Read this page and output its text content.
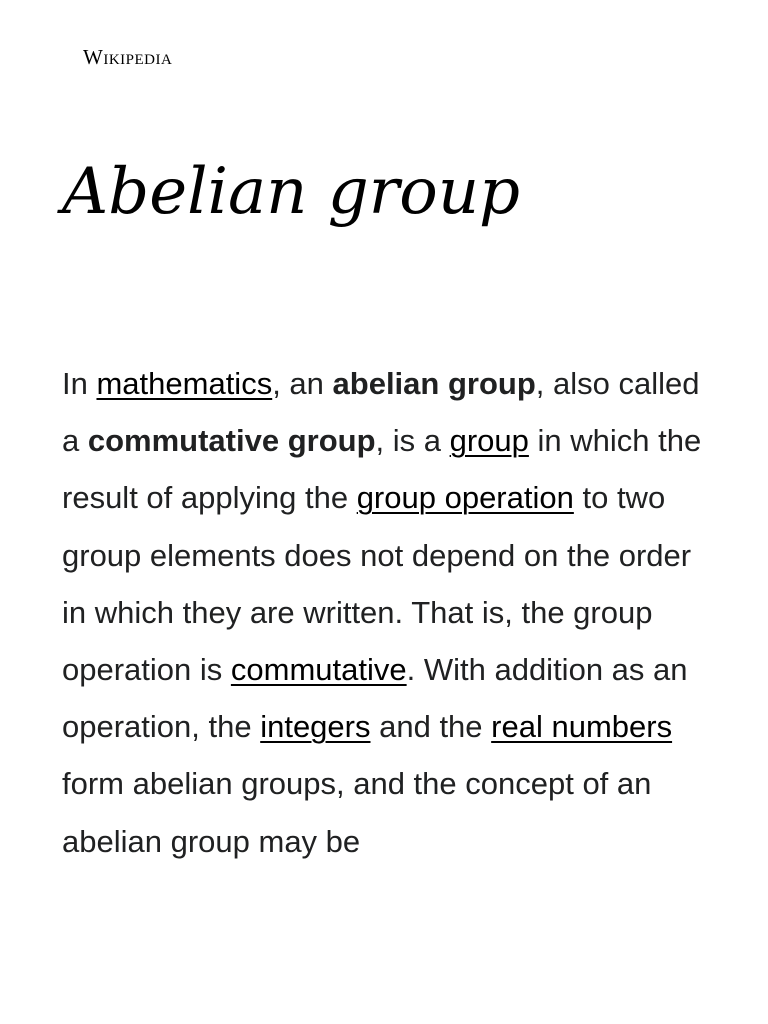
Wikipedia
Abelian group

In mathematics, an abelian group, also called a commutative group, is a group in which the result of applying the group operation to two group elements does not depend on the order in which they are written. That is, the group operation is commutative. With addition as an operation, the integers and the real numbers form abelian groups, and the concept of an abelian group may be
